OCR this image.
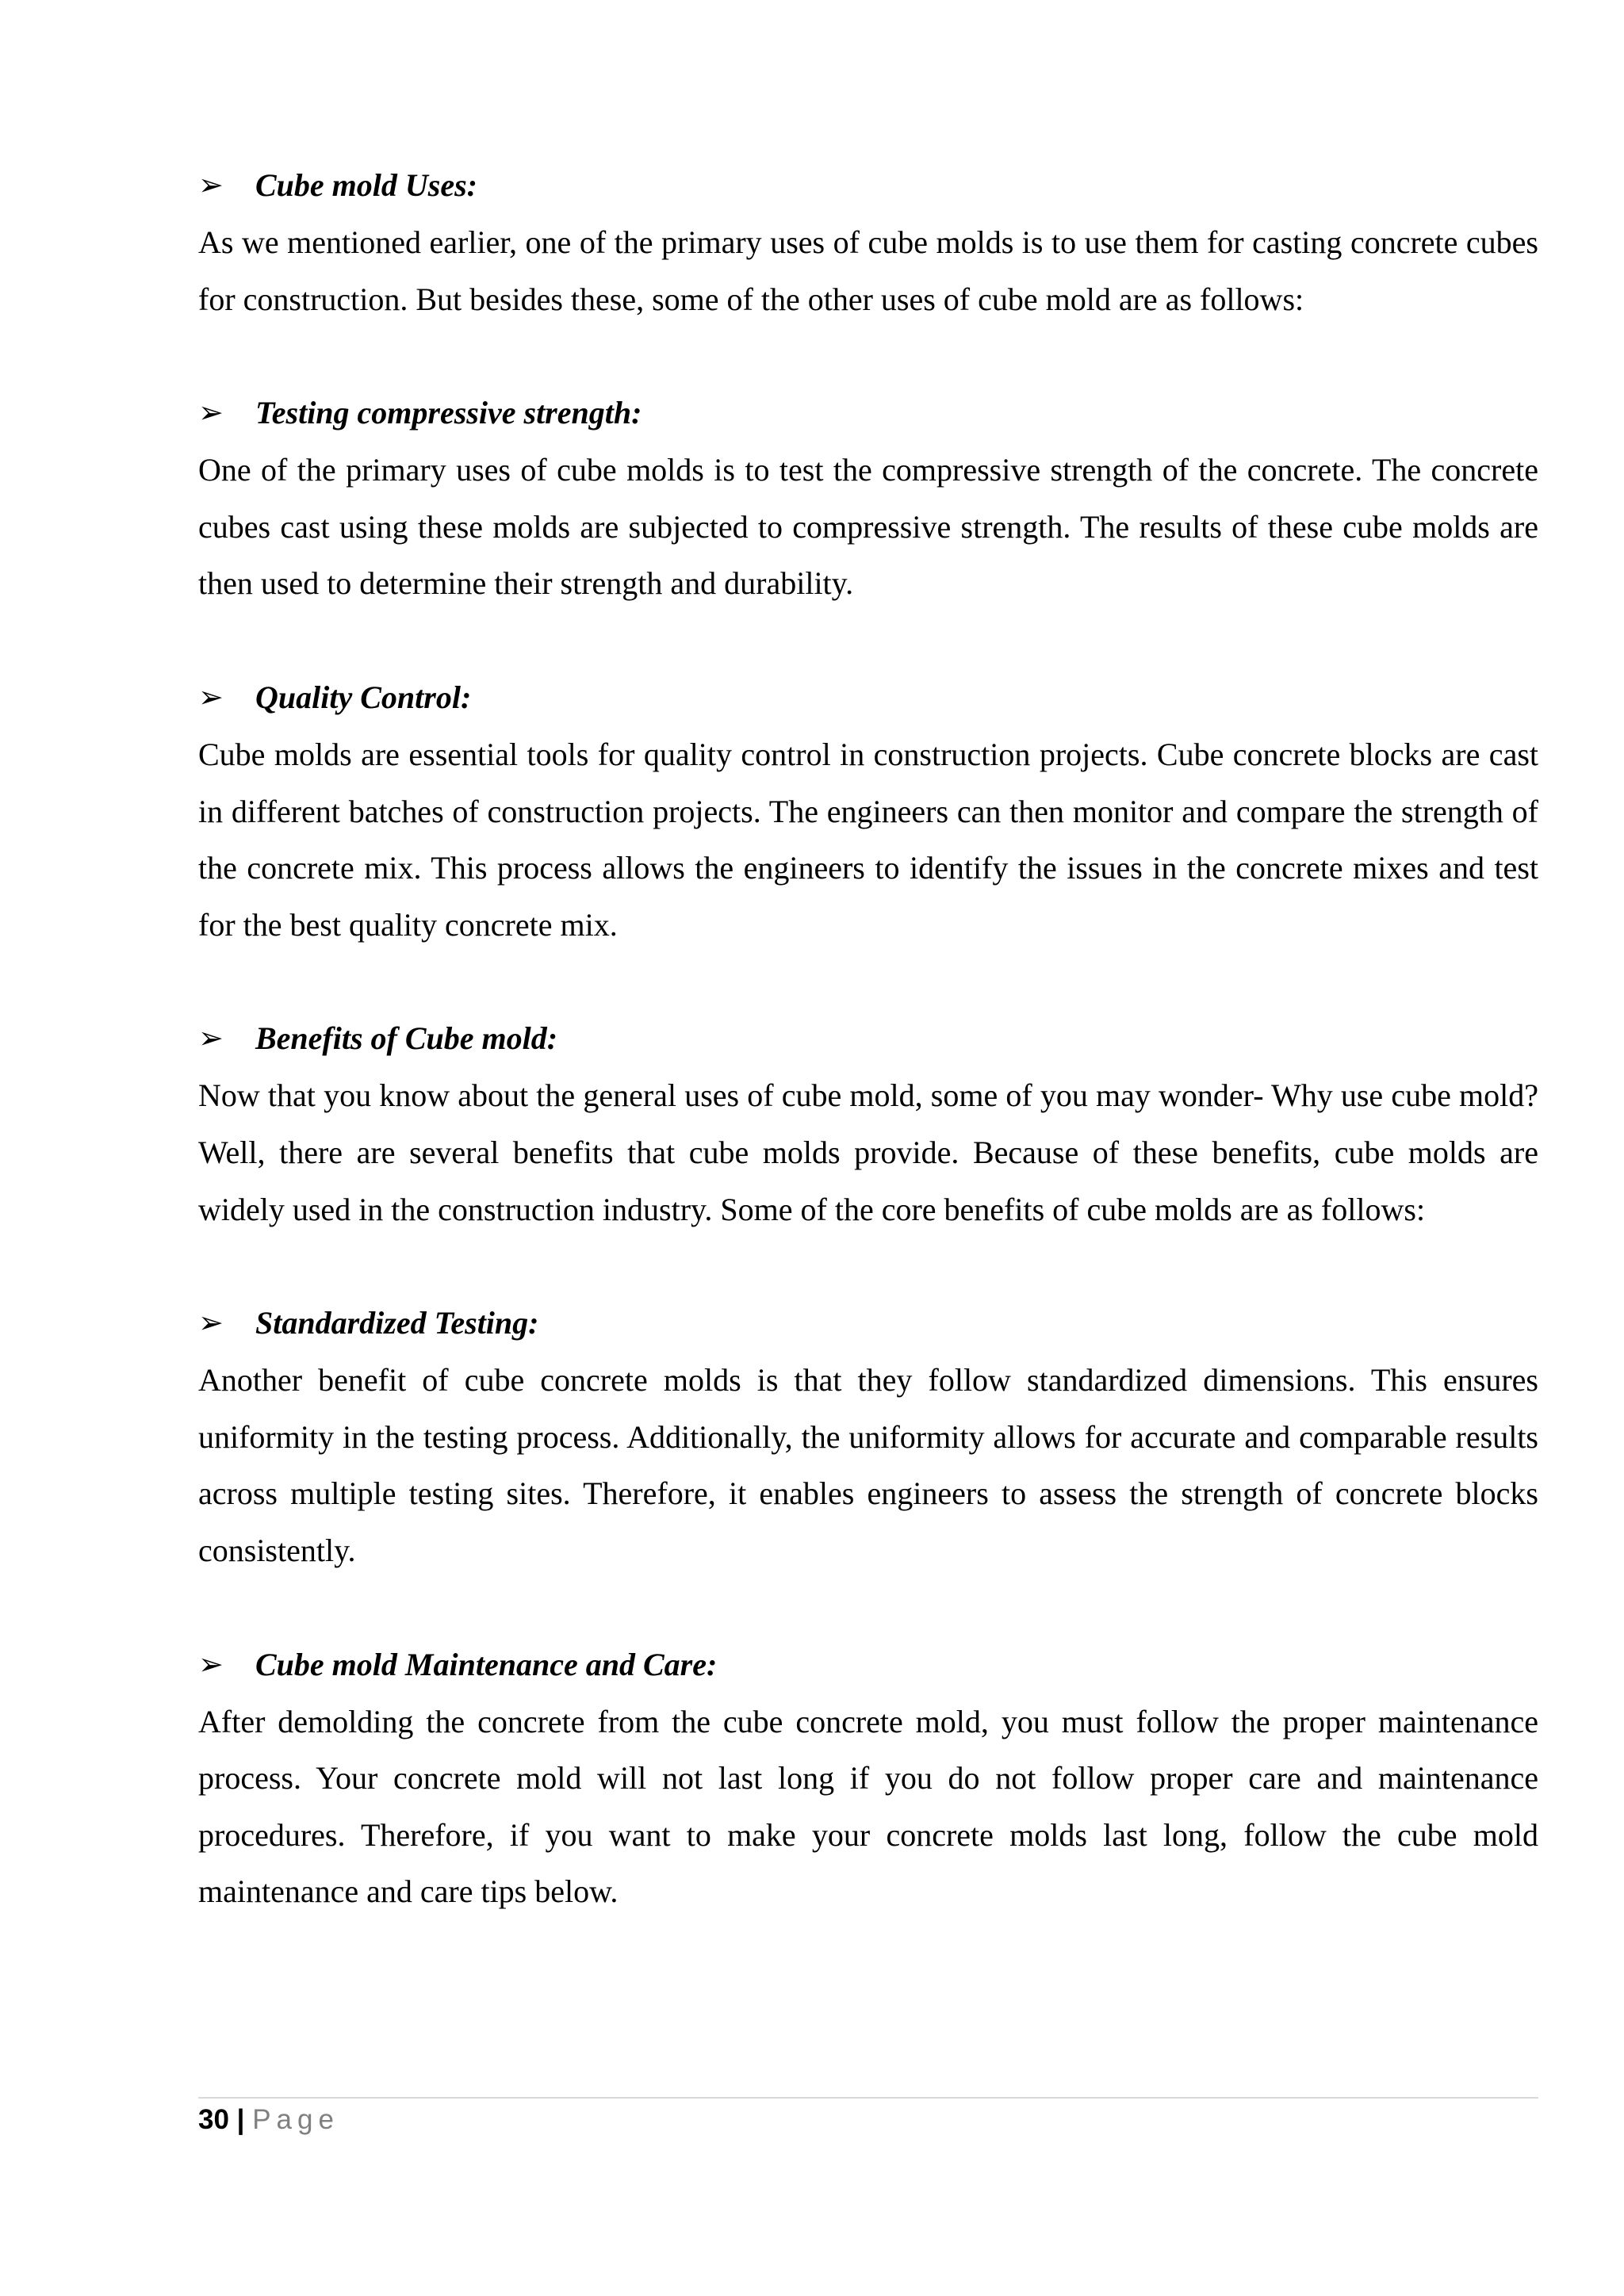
➢	Cube mold Uses:

As we mentioned earlier, one of the primary uses of cube molds is to use them for casting concrete cubes for construction. But besides these, some of the other uses of cube mold are as follows:

➢	Testing compressive strength:

One of the primary uses of cube molds is to test the compressive strength of the concrete. The concrete cubes cast using these molds are subjected to compressive strength. The results of these cube molds are then used to determine their strength and durability.

➢	Quality Control:

Cube molds are essential tools for quality control in construction projects. Cube concrete blocks are cast in different batches of construction projects. The engineers can then monitor and compare the strength of the concrete mix. This process allows the engineers to identify the issues in the concrete mixes and test for the best quality concrete mix.

➢	Benefits of Cube mold:

Now that you know about the general uses of cube mold, some of you may wonder- Why use cube mold? Well, there are several benefits that cube molds provide. Because of these benefits, cube molds are widely used in the construction industry. Some of the core benefits of cube molds are as follows:

➢	Standardized Testing:

Another benefit of cube concrete molds is that they follow standardized dimensions. This ensures uniformity in the testing process. Additionally, the uniformity allows for accurate and comparable results across multiple testing sites. Therefore, it enables engineers to assess the strength of concrete blocks consistently.

➢	Cube mold Maintenance and Care:

After demolding the concrete from the cube concrete mold, you must follow the proper maintenance process. Your concrete mold will not last long if you do not follow proper care and maintenance procedures. Therefore, if you want to make your concrete molds last long, follow the cube mold maintenance and care tips below.

30 | Page
